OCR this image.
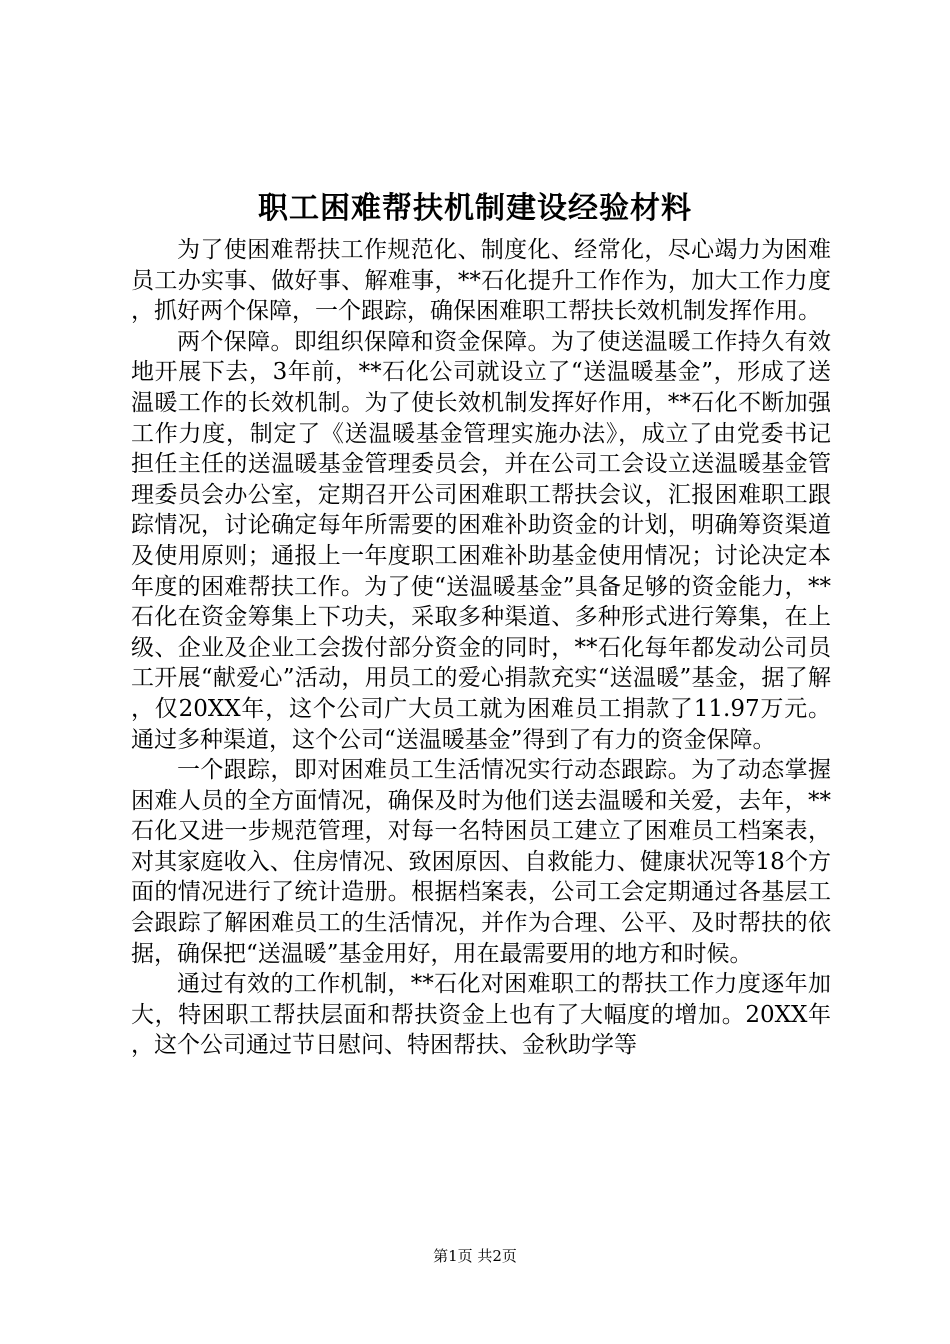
职工困难帮扶机制建设经验材料

为了使困难帮扶工作规范化、制度化、经常化，尽心竭力为困难员工办实事、做好事、解难事，**石化提升工作作为，加大工作力度，抓好两个保障，一个跟踪，确保困难职工帮扶长效机制发挥作用。

两个保障。即组织保障和资金保障。为了使送温暖工作持久有效地开展下去，3年前，**石化公司就设立了“送温暖基金”，形成了送温暖工作的长效机制。为了使长效机制发挥好作用，**石化不断加强工作力度，制定了《送温暖基金管理实施办法》，成立了由党委书记担任主任的送温暖基金管理委员会，并在公司工会设立送温暖基金管理委员会办公室，定期召开公司困难职工帮扶会议，汇报困难职工跟踪情况，讨论确定每年所需要的困难补助资金的计划，明确筹资渠道及使用原则；通报上一年度职工困难补助基金使用情况；讨论决定本年度的困难帮扶工作。为了使“送温暖基金”具备足够的资金能力，**石化在资金筹集上下功夫，采取多种渠道、多种形式进行筹集，在上级、企业及企业工会拨付部分资金的同时，**石化每年都发动公司员工开展“献爱心”活动，用员工的爱心捐款充实“送温暖”基金，据了解，仅20XX年，这个公司广大员工就为困难员工捐款了11.97万元。通过多种渠道，这个公司“送温暖基金”得到了有力的资金保障。

一个跟踪，即对困难员工生活情况实行动态跟踪。为了动态掌握困难人员的全方面情况，确保及时为他们送去温暖和关爱，去年，**石化又进一步规范管理，对每一名特困员工建立了困难员工档案表，对其家庭收入、住房情况、致困原因、自救能力、健康状况等18个方面的情况进行了统计造册。根据档案表，公司工会定期通过各基层工会跟踪了解困难员工的生活情况，并作为合理、公平、及时帮扶的依据，确保把“送温暖”基金用好，用在最需要用的地方和时候。

通过有效的工作机制，**石化对困难职工的帮扶工作力度逐年加大，特困职工帮扶层面和帮扶资金上也有了大幅度的增加。20XX年，这个公司通过节日慰问、特困帮扶、金秋助学等

第1页 共2页
